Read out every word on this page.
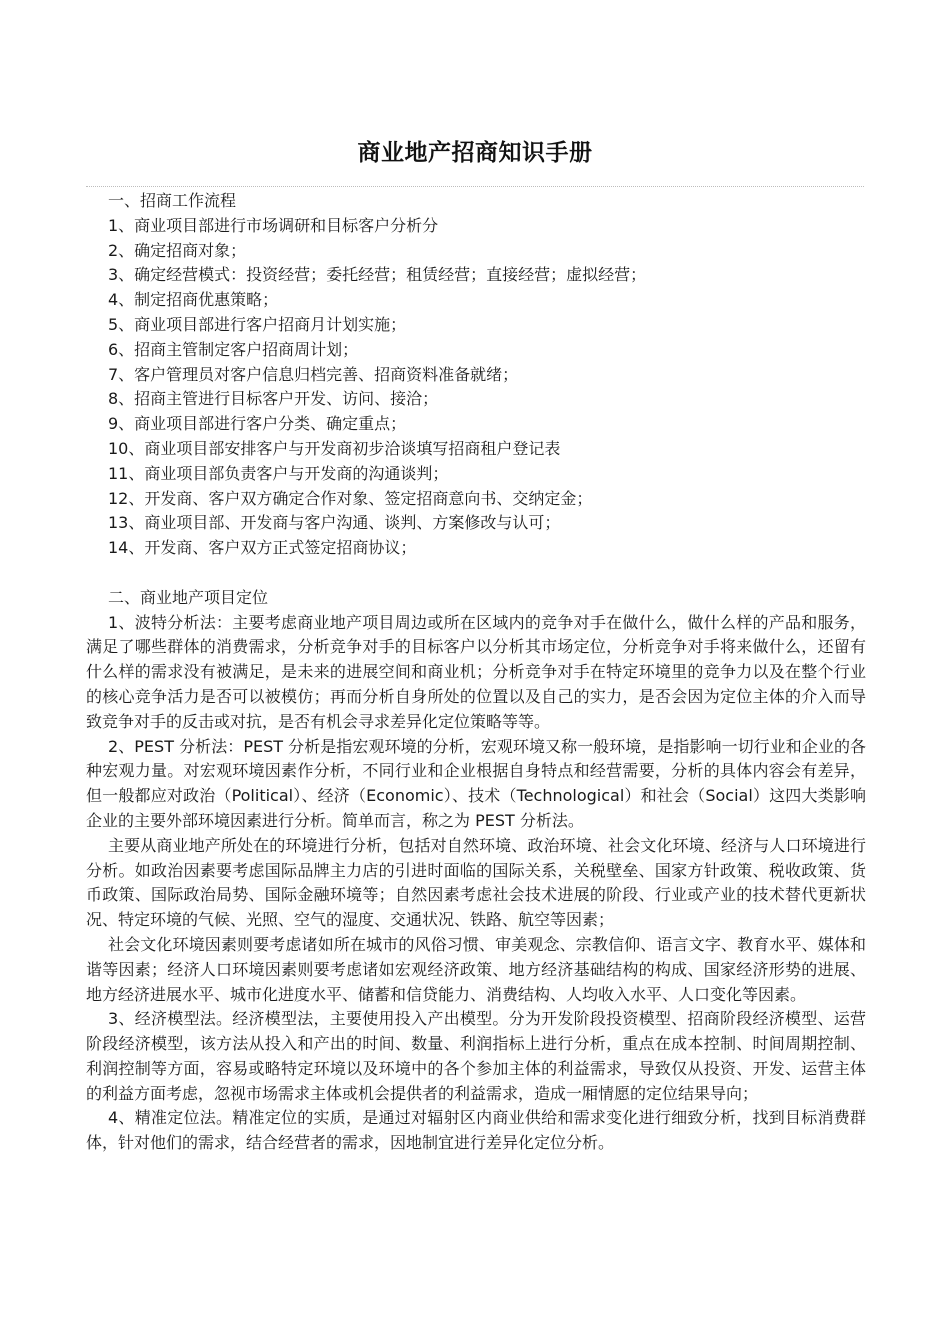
商业地产招商知识手册
一、招商工作流程
1、商业项目部进行市场调研和目标客户分析分
2、确定招商对象；
3、确定经营模式：投资经营；委托经营；租赁经营；直接经营；虚拟经营；
4、制定招商优惠策略；
5、商业项目部进行客户招商月计划实施；
6、招商主管制定客户招商周计划；
7、客户管理员对客户信息归档完善、招商资料准备就绪；
8、招商主管进行目标客户开发、访问、接洽；
9、商业项目部进行客户分类、确定重点；
10、商业项目部安排客户与开发商初步洽谈填写招商租户登记表
11、商业项目部负责客户与开发商的沟通谈判；
12、开发商、客户双方确定合作对象、签定招商意向书、交纳定金；
13、商业项目部、开发商与客户沟通、谈判、方案修改与认可；
14、开发商、客户双方正式签定招商协议；
二、商业地产项目定位

1、波特分析法：主要考虑商业地产项目周边或所在区域内的竞争对手在做什么，做什么样的产品和服务，满足了哪些群体的消费需求，分析竞争对手的目标客户以分析其市场定位，分析竞争对手将来做什么，还留有什么样的需求没有被满足，是未来的进展空间和商业机；分析竞争对手在特定环境里的竞争力以及在整个行业的核心竞争活力是否可以被模仿；再而分析自身所处的位置以及自己的实力，是否会因为定位主体的介入而导致竞争对手的反击或对抗，是否有机会寻求差异化定位策略等等。

2、PEST 分析法：PEST 分析是指宏观环境的分析，宏观环境又称一般环境，是指影响一切行业和企业的各种宏观力量。对宏观环境因素作分析，不同行业和企业根据自身特点和经营需要，分析的具体内容会有差异，但一般都应对政治（Political）、经济（Economic）、技术（Technological）和社会（Social）这四大类影响企业的主要外部环境因素进行分析。简单而言，称之为 PEST 分析法。

主要从商业地产所处在的环境进行分析，包括对自然环境、政治环境、社会文化环境、经济与人口环境进行分析。如政治因素要考虑国际品牌主力店的引进时面临的国际关系，关税壁垒、国家方针政策、税收政策、货币政策、国际政治局势、国际金融环境等；自然因素考虑社会技术进展的阶段、行业或产业的技术替代更新状况、特定环境的气候、光照、空气的湿度、交通状况、铁路、航空等因素；

社会文化环境因素则要考虑诸如所在城市的风俗习惯、审美观念、宗教信仰、语言文字、教育水平、媒体和谐等因素；经济人口环境因素则要考虑诸如宏观经济政策、地方经济基础结构的构成、国家经济形势的进展、地方经济进展水平、城市化进度水平、储蓄和信贷能力、消费结构、人均收入水平、人口变化等因素。

3、经济模型法。经济模型法，主要使用投入产出模型。分为开发阶段投资模型、招商阶段经济模型、运营阶段经济模型，该方法从投入和产出的时间、数量、利润指标上进行分析，重点在成本控制、时间周期控制、利润控制等方面，容易或略特定环境以及环境中的各个参加主体的利益需求，导致仅从投资、开发、运营主体的利益方面考虑，忽视市场需求主体或机会提供者的利益需求，造成一厢情愿的定位结果导向；

4、精准定位法。精准定位的实质，是通过对辐射区内商业供给和需求变化进行细致分析，找到目标消费群体，针对他们的需求，结合经营者的需求，因地制宜进行差异化定位分析。
